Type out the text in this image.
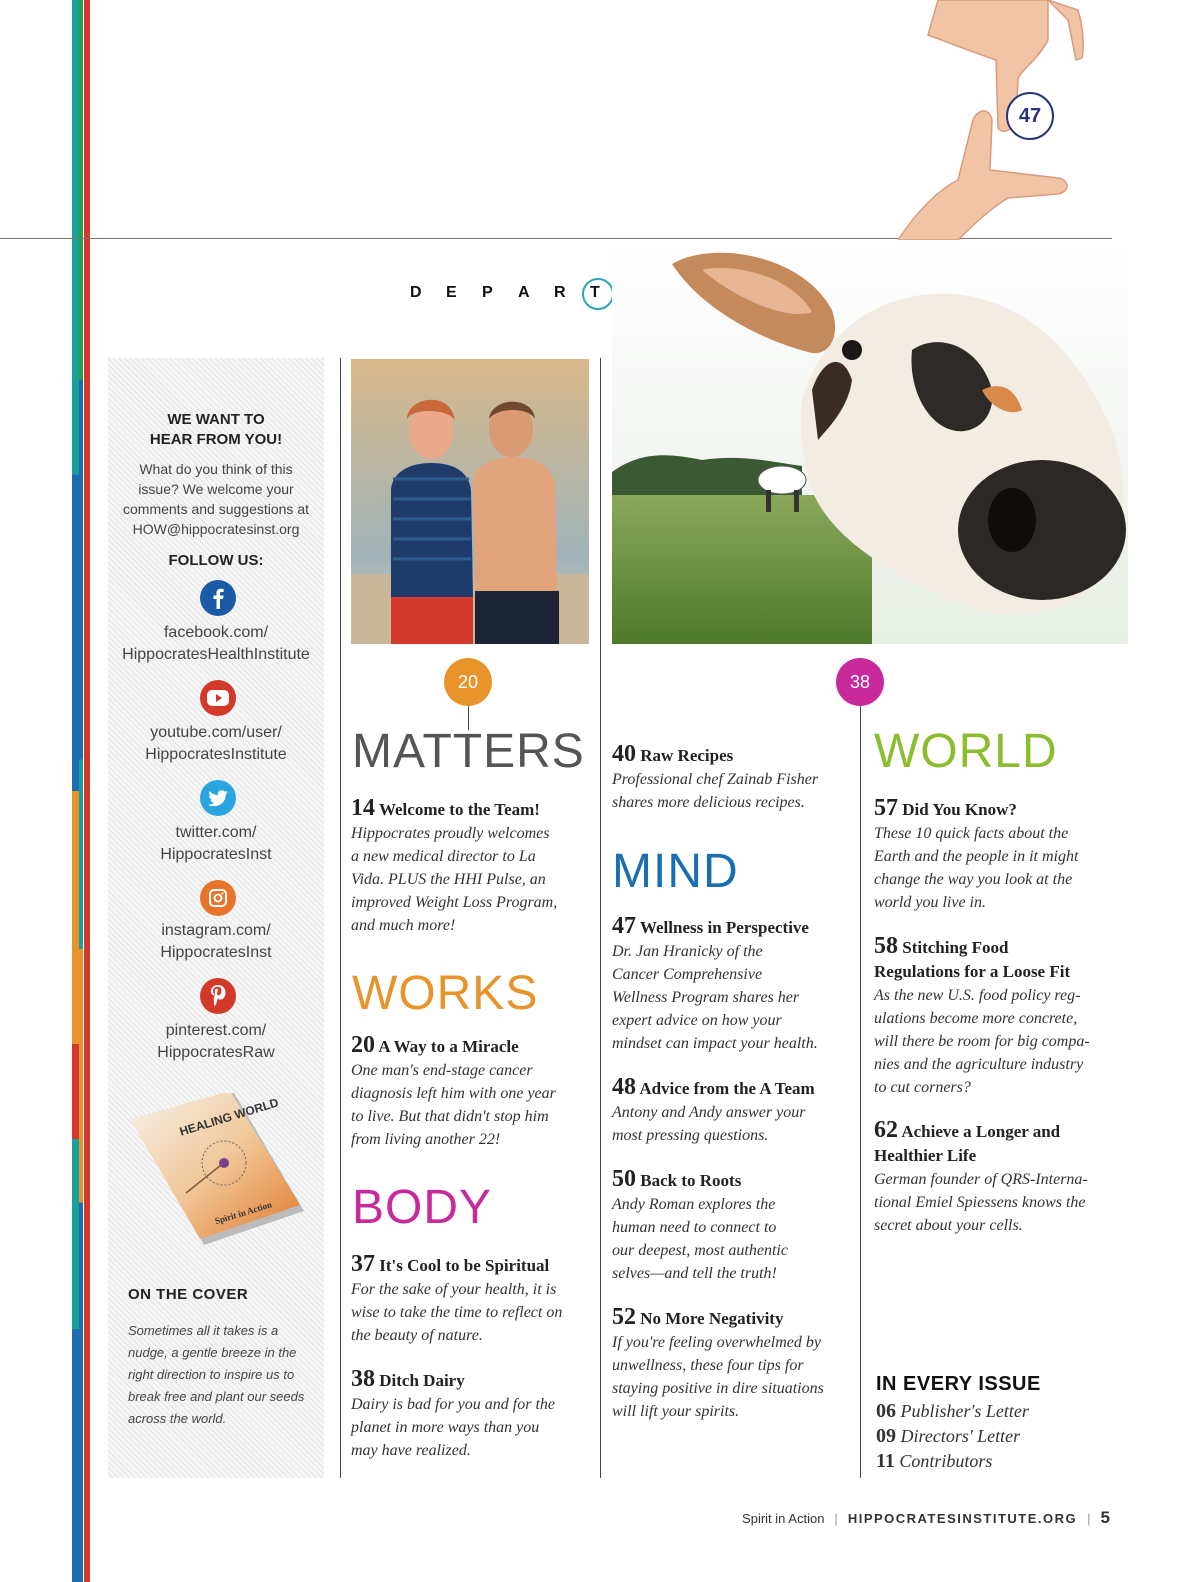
47
D	E	P	A	R	T
WE WANT TO
HEAR FROM YOU!
What do you think of this
issue? We welcome your
comments and suggestions at
HOW@hippocratesinst.org
FOLLOW US:
facebook.com/
HippocratesHealthInstitute
youtube.com/user/
HippocratesInstitute
twitter.com/
HippocratesInst
instagram.com/
HippocratesInst
pinterest.com/
HippocratesRaw
HEALING WORLD
Spirit in Action
ON THE COVER
Sometimes all it takes is a
nudge, a gentle breeze in the
right direction to inspire us to
break free and plant our seeds
across the world.
20	38
MATTERS
14 Welcome to the Team!
Hippocrates proudly welcomes
a new medical director to La
Vida. PLUS the HHI Pulse, an
improved Weight Loss Program,
and much more!
WORKS
20 A Way to a Miracle
One man's end-stage cancer
diagnosis left him with one year
to live. But that didn't stop him
from living another 22!
BODY
37 It's Cool to be Spiritual
For the sake of your health, it is
wise to take the time to reflect on
the beauty of nature.
38 Ditch Dairy
Dairy is bad for you and for the
planet in more ways than you
may have realized.
40 Raw Recipes
Professional chef Zainab Fisher
shares more delicious recipes.
MIND
47 Wellness in Perspective
Dr. Jan Hranicky of the
Cancer Comprehensive
Wellness Program shares her
expert advice on how your
mindset can impact your health.
48 Advice from the A Team
Antony and Andy answer your
most pressing questions.
50 Back to Roots
Andy Roman explores the
human need to connect to
our deepest, most authentic
selves—and tell the truth!
52 No More Negativity
If you're feeling overwhelmed by
unwellness, these four tips for
staying positive in dire situations
will lift your spirits.
WORLD
57 Did You Know?
These 10 quick facts about the
Earth and the people in it might
change the way you look at the
world you live in.
58 Stitching Food
Regulations for a Loose Fit
As the new U.S. food policy reg-
ulations become more concrete,
will there be room for big compa-
nies and the agriculture industry
to cut corners?
62 Achieve a Longer and
Healthier Life
German founder of QRS-Interna-
tional Emiel Spiessens knows the
secret about your cells.
IN EVERY ISSUE
06 Publisher's Letter
09 Directors' Letter
11 Contributors
Spirit in Action | HIPPOCRATESINSTITUTE.ORG | 5
